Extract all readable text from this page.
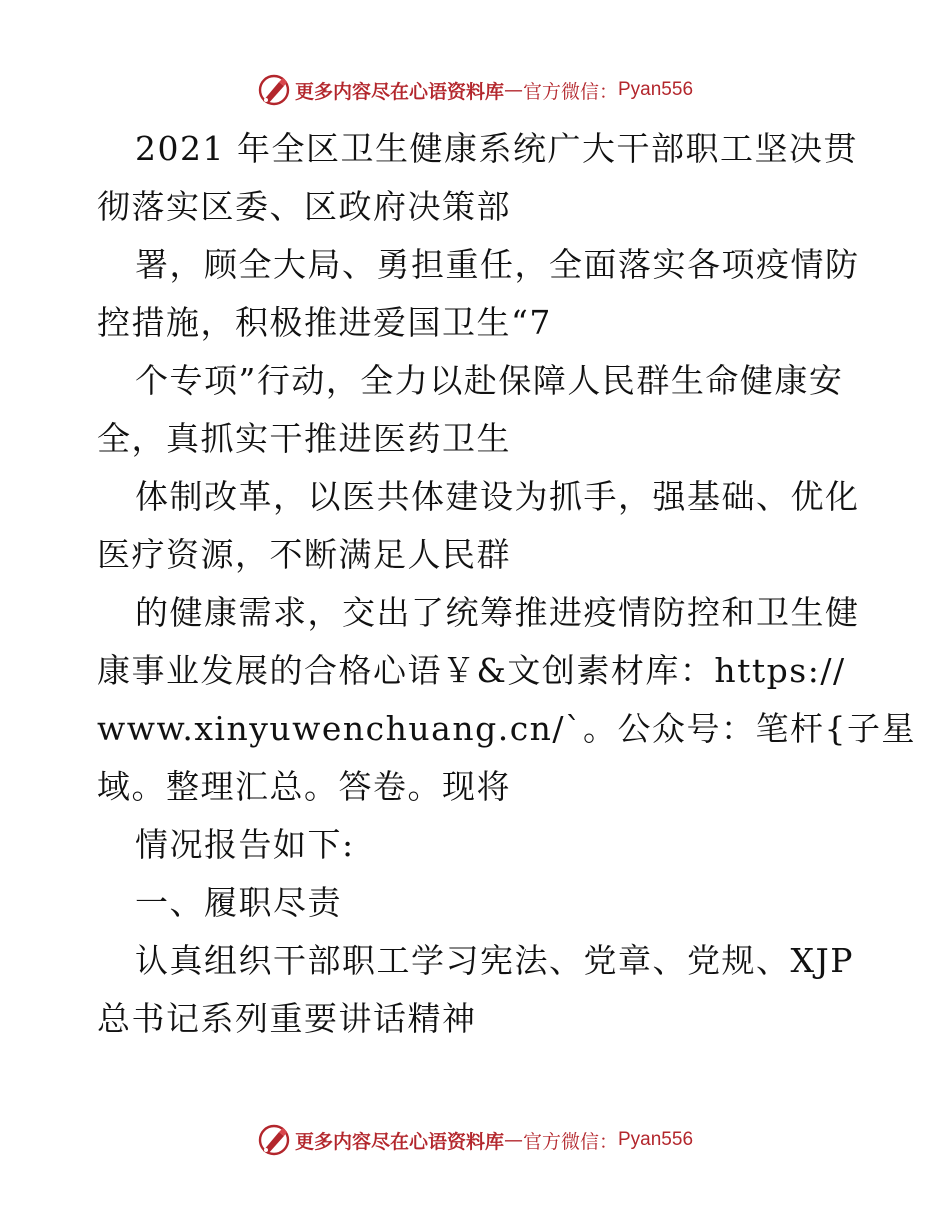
更多内容尽在心语资料库 — 官方微信： Pyan556
2021 年全区卫生健康系统广大干部职工坚决贯
彻落实区委、区政府决策部
署，顾全大局、勇担重任，全面落实各项疫情防
控措施，积极推进爱国卫生“7
个专项”行动，全力以赴保障人民群生命健康安
全，真抓实干推进医药卫生
体制改革，以医共体建设为抓手，强基础、优化
医疗资源，不断满足人民群
的健康需求，交出了统筹推进疫情防控和卫生健
康事业发展的合格心语￥&文创素材库：https://
www.xinyuwenchuang.cn/`。公众号：笔杆{子星
域。整理汇总。答卷。现将
情况报告如下:
一、履职尽责
认真组织干部职工学习宪法、党章、党规、XJP
总书记系列重要讲话精神
更多内容尽在心语资料库 — 官方微信： Pyan556
